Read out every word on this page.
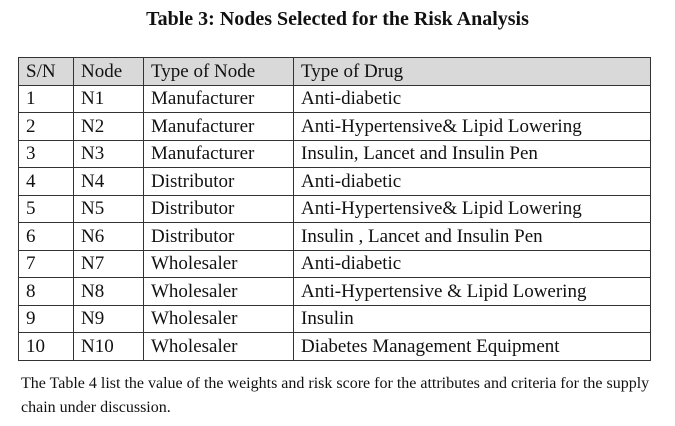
Table 3: Nodes Selected for the Risk Analysis
S/N	Node	Type of Node	Type of Drug
1	N1	Manufacturer	Anti-diabetic
2	N2	Manufacturer	Anti-Hypertensive& Lipid Lowering
3	N3	Manufacturer	Insulin, Lancet and Insulin Pen
4	N4	Distributor	Anti-diabetic
5	N5	Distributor	Anti-Hypertensive& Lipid Lowering
6	N6	Distributor	Insulin , Lancet and Insulin Pen
7	N7	Wholesaler	Anti-diabetic
8	N8	Wholesaler	Anti-Hypertensive & Lipid Lowering
9	N9	Wholesaler	Insulin
10	N10	Wholesaler	Diabetes Management Equipment

The Table 4 list the value of the weights and risk score for the attributes and criteria for the supply chain under discussion.
